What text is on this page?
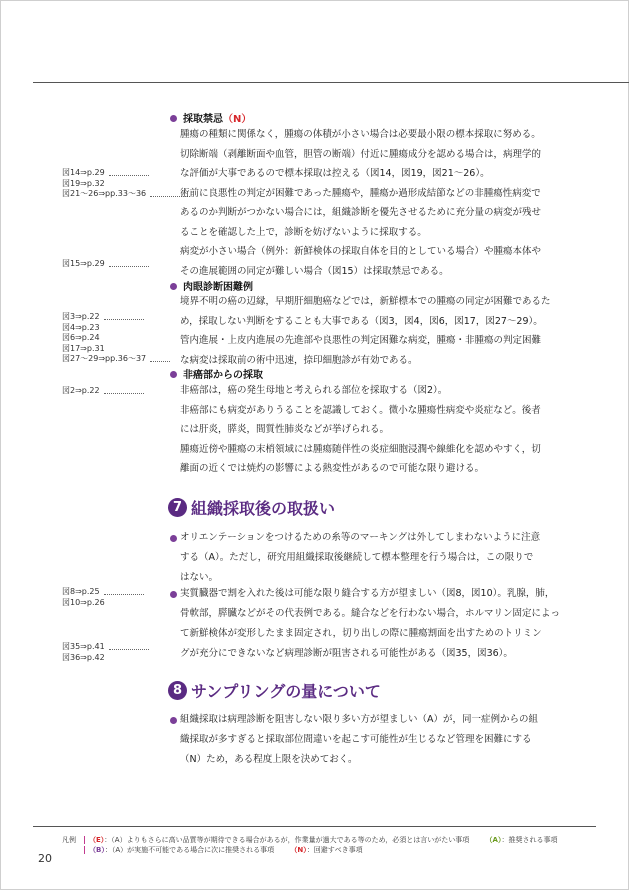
図14⇒p.29
図19⇒p.32
図21～26⇒pp.33～36
図15⇒p.29
図3⇒p.22
図4⇒p.23
図6⇒p.24
図17⇒p.31
図27～29⇒pp.36～37
図2⇒p.22
図8⇒p.25
図10⇒p.26
図35⇒p.41
図36⇒p.42
採取禁忌（N）
腫瘍の種類に関係なく，腫瘍の体積が小さい場合は必要最小限の標本採取に努める。
切除断端（剥離断面や血管，胆管の断端）付近に腫瘍成分を認める場合は，病理学的
な評価が大事であるので標本採取は控える（図14，図19，図21～26）。
術前に良悪性の判定が困難であった腫瘍や，腫瘍か過形成結節などの非腫瘍性病変で
あるのか判断がつかない場合には，組織診断を優先させるために充分量の病変が残せ
ることを確認した上で，診断を妨げないように採取する。
病変が小さい場合（例外：新鮮検体の採取自体を目的としている場合）や腫瘍本体や
その進展範囲の同定が難しい場合（図15）は採取禁忌である。
肉眼診断困難例
境界不明の癌の辺縁，早期肝細胞癌などでは，新鮮標本での腫瘍の同定が困難であるた
め，採取しない判断をすることも大事である（図3，図4，図6，図17，図27～29）。
管内進展・上皮内進展の先進部や良悪性の判定困難な病変，腫瘍・非腫瘍の判定困難
な病変は採取前の術中迅速，捺印細胞診が有効である。
非癌部からの採取
非癌部は，癌の発生母地と考えられる部位を採取する（図2）。
非癌部にも病変がありうることを認識しておく。微小な腫瘍性病変や炎症など。後者
には肝炎，膵炎，間質性肺炎などが挙げられる。
腫瘍近傍や腫瘍の末梢領域には腫瘍随伴性の炎症細胞浸潤や線維化を認めやすく，切
離面の近くでは焼灼の影響による熱変性があるので可能な限り避ける。
7 組織採取後の取扱い
オリエンテーションをつけるための糸等のマーキングは外してしまわないように注意
する（A）。ただし，研究用組織採取後継続して標本整理を行う場合は，この限りで
はない。
実質臓器で割を入れた後は可能な限り縫合する方が望ましい（図8，図10）。乳腺，肺，
骨軟部，膵臓などがその代表例である。縫合などを行わない場合，ホルマリン固定によっ
て新鮮検体が変形したまま固定され，切り出しの際に腫瘍割面を出すためのトリミン
グが充分にできないなど病理診断が阻害される可能性がある（図35，図36）。
8 サンプリングの量について
組織採取は病理診断を阻害しない限り多い方が望ましい（A）が，同一症例からの組
織採取が多すぎると採取部位間違いを起こす可能性が生じるなど管理を困難にする
（N）ため，ある程度上限を決めておく。
凡例 （E）：（A）よりもさらに高い品質等が期待できる場合があるが，作業量が過大である等のため，必須とは言いがたい事項 （A）：推奨される事項
（B）：（A）が実施不可能である場合に次に推奨される事項 （N）：回避すべき事項
20
